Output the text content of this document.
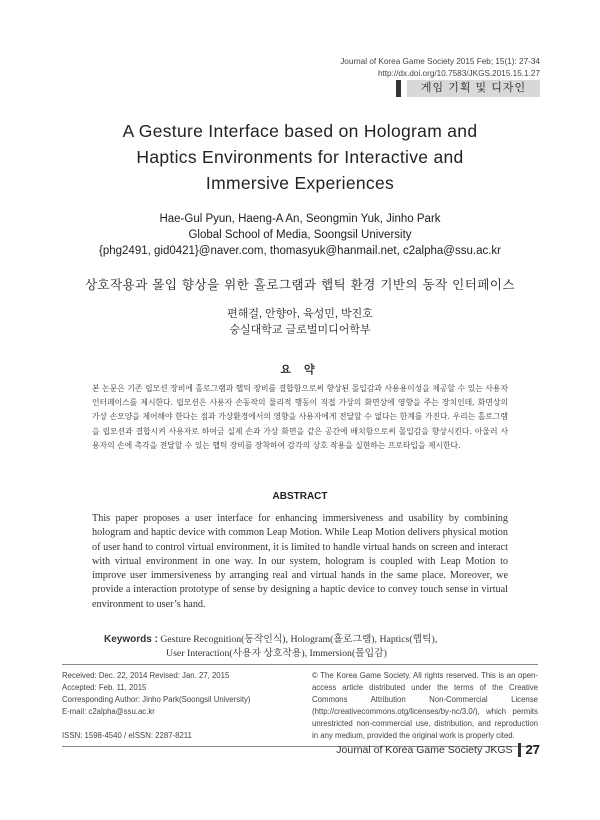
Journal of Korea Game Society 2015 Feb; 15(1): 27-34
http://dx.doi.org/10.7583/JKGS.2015.15.1.27
게임 기획 및 디자인
A Gesture Interface based on Hologram and
Haptics Environments for Interactive and
Immersive Experiences
Hae-Gul Pyun, Haeng-A An, Seongmin Yuk, Jinho Park
Global School of Media, Soongsil University
{phg2491, gid0421}@naver.com, thomasyuk@hanmail.net, c2alpha@ssu.ac.kr
상호작용과 몰입 향상을 위한 홀로그램과 햅틱 환경 기반의 동작 인터페이스
편해걸, 안향아, 육성민, 박진호
숭실대학교 글로벌미디어학부
요 약
본 논문은 기존 립모션 장비에 홀로그램과 햅틱 장비를 결합함으로써 향상된 몰입감과 사용용이성을 제공할 수 있는 사용자 인터페이스를 제시한다. 립모션은 사용자 손동작의 물리적 행동이 직접 가상의 화면상에 영향을 주는 장치인데, 화면상의 가상 손모양을 제어해야 한다는 점과 가상환경에서의 영향을 사용자에게 전달할 수 없다는 한계를 가진다. 우리는 홀로그램을 립모션과 결합시켜 사용자로 하여금 실제 손과 가상 화면을 같은 공간에 배치함으로써 몰입감을 향상시킨다. 아울러 사용자의 손에 촉각을 전달할 수 있는 햅틱 장비를 장착하여 감각의 상호 작용을 실현하는 프로타입을 제시한다.
ABSTRACT
This paper proposes a user interface for enhancing immersiveness and usability by combining hologram and haptic device with common Leap Motion. While Leap Motion delivers physical motion of user hand to control virtual environment, it is limited to handle virtual hands on screen and interact with virtual environment in one way. In our system, hologram is coupled with Leap Motion to improve user immersiveness by arranging real and virtual hands in the same place. Moreover, we provide a interaction prototype of sense by designing a haptic device to convey touch sense in virtual environment to user’s hand.
Keywords : Gesture Recognition(동작인식), Hologram(홀로그램), Haptics(햅틱),
User Interaction(사용자 상호작용), Immersion(몰입감)
Received: Dec. 22, 2014 Revised: Jan. 27, 2015
Accepted: Feb. 11, 2015
Corresponding Author: Jinho Park(Soongsil University)
E-mail: c2alpha@ssu.ac.kr
ISSN: 1598-4540 / eISSN: 2287-8211
© The Korea Game Society. All rights reserved. This is an open-access article distributed under the terms of the Creative Commons Attribution Non-Commercial License (http://creativecommons.otg/licenses/by-nc/3.0/), which permits unrestricted non-commercial use, distribution, and reproduction in any medium, provided the original work is properly cited.
Journal of Korea Game Society JKGS 27
